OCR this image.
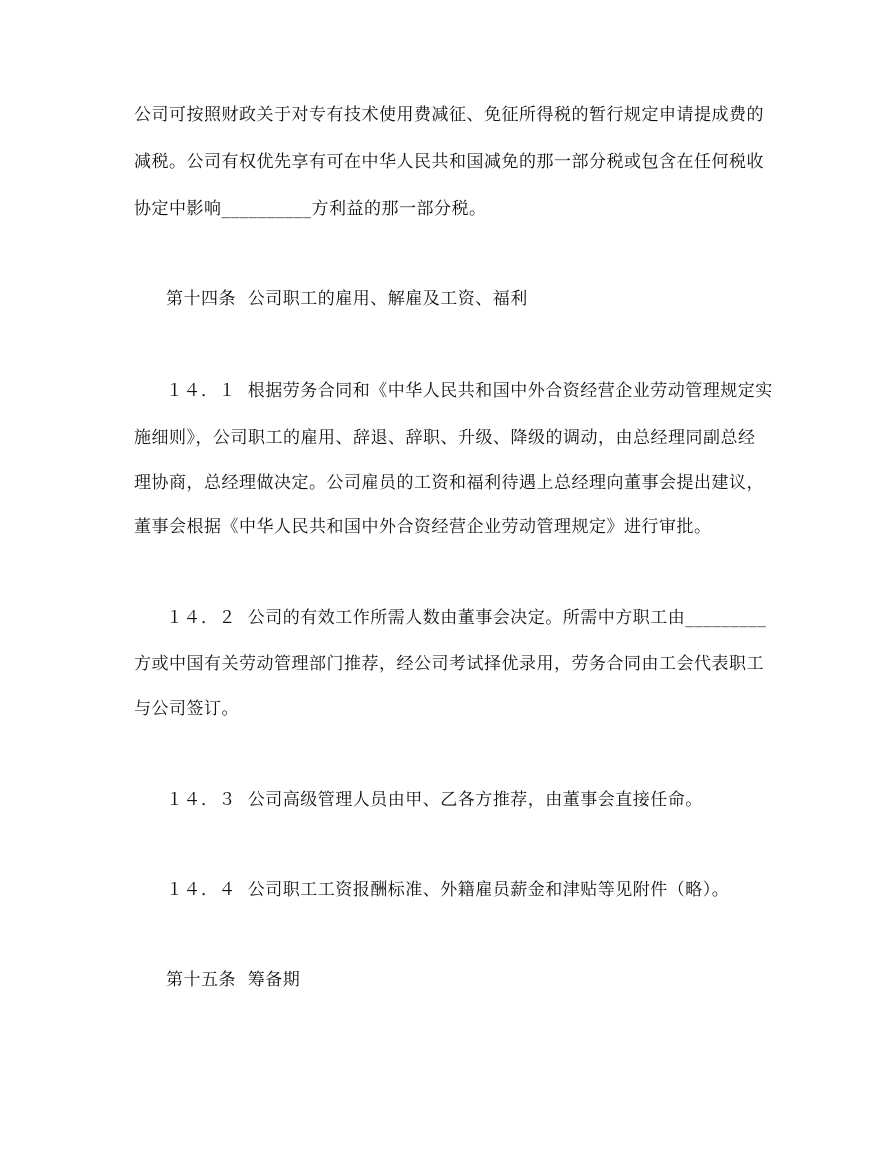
公司可按照财政关于对专有技术使用费减征、免征所得税的暂行规定申请提成费的
减税。公司有权优先享有可在中华人民共和国减免的那一部分税或包含在任何税收
协定中影响__________方利益的那一部分税。
第十四条  公司职工的雇用、解雇及工资、福利
１４．１  根据劳务合同和《中华人民共和国中外合资经营企业劳动管理规定实
施细则》，公司职工的雇用、辞退、辞职、升级、降级的调动，由总经理同副总经
理协商，总经理做决定。公司雇员的工资和福利待遇上总经理向董事会提出建议，
董事会根据《中华人民共和国中外合资经营企业劳动管理规定》进行审批。
１４．２  公司的有效工作所需人数由董事会决定。所需中方职工由_________
方或中国有关劳动管理部门推荐，经公司考试择优录用，劳务合同由工会代表职工
与公司签订。
１４．３  公司高级管理人员由甲、乙各方推荐，由董事会直接任命。
１４．４  公司职工工资报酬标准、外籍雇员薪金和津贴等见附件（略）。
第十五条  筹备期
